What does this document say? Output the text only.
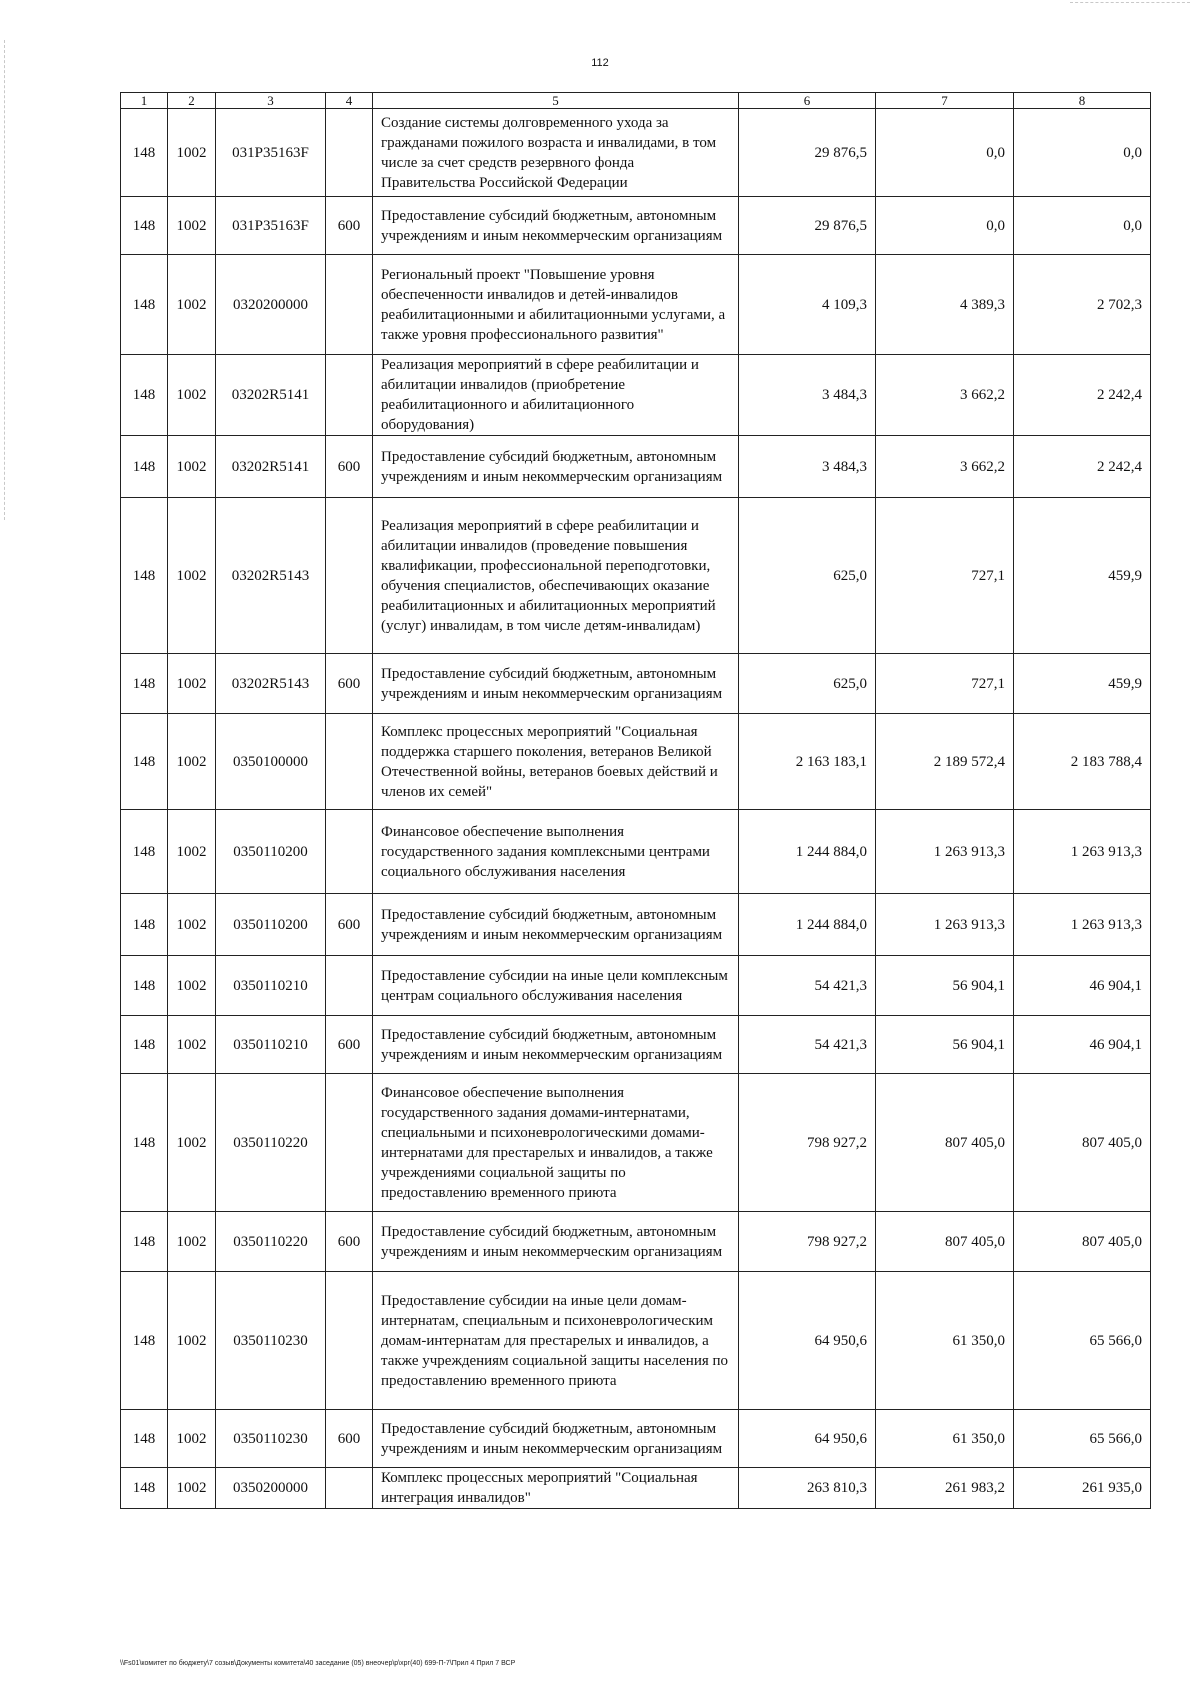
112
1	2	3	4	5	6	7	8
148	1002	031P35163F		Создание системы долговременного ухода за гражданами пожилого возраста и инвалидами, в том числе за счет средств резервного фонда Правительства Российской Федерации	29 876,5	0,0	0,0
148	1002	031P35163F	600	Предоставление субсидий бюджетным, автономным учреждениям и иным некоммерческим организациям	29 876,5	0,0	0,0
148	1002	0320200000		Региональный проект "Повышение уровня обеспеченности инвалидов и детей-инвалидов реабилитационными и абилитационными услугами, а также уровня профессионального развития"	4 109,3	4 389,3	2 702,3
148	1002	03202R5141		Реализация мероприятий в сфере реабилитации и абилитации инвалидов (приобретение реабилитационного и абилитационного оборудования)	3 484,3	3 662,2	2 242,4
148	1002	03202R5141	600	Предоставление субсидий бюджетным, автономным учреждениям и иным некоммерческим организациям	3 484,3	3 662,2	2 242,4
148	1002	03202R5143		Реализация мероприятий в сфере реабилитации и абилитации инвалидов (проведение повышения квалификации, профессиональной переподготовки, обучения специалистов, обеспечивающих оказание реабилитационных и абилитационных мероприятий (услуг) инвалидам, в том числе детям-инвалидам)	625,0	727,1	459,9
148	1002	03202R5143	600	Предоставление субсидий бюджетным, автономным учреждениям и иным некоммерческим организациям	625,0	727,1	459,9
148	1002	0350100000		Комплекс процессных мероприятий "Социальная поддержка старшего поколения, ветеранов Великой Отечественной войны, ветеранов боевых действий и членов их семей"	2 163 183,1	2 189 572,4	2 183 788,4
148	1002	0350110200		Финансовое обеспечение выполнения государственного задания комплексными центрами социального обслуживания населения	1 244 884,0	1 263 913,3	1 263 913,3
148	1002	0350110200	600	Предоставление субсидий бюджетным, автономным учреждениям и иным некоммерческим организациям	1 244 884,0	1 263 913,3	1 263 913,3
148	1002	0350110210		Предоставление субсидии на иные цели комплексным центрам социального обслуживания населения	54 421,3	56 904,1	46 904,1
148	1002	0350110210	600	Предоставление субсидий бюджетным, автономным учреждениям и иным некоммерческим организациям	54 421,3	56 904,1	46 904,1
148	1002	0350110220		Финансовое обеспечение выполнения государственного задания домами-интернатами, специальными и психоневрологическими домами-интернатами для престарелых и инвалидов, а также учреждениями социальной защиты по предоставлению временного приюта	798 927,2	807 405,0	807 405,0
148	1002	0350110220	600	Предоставление субсидий бюджетным, автономным учреждениям и иным некоммерческим организациям	798 927,2	807 405,0	807 405,0
148	1002	0350110230		Предоставление субсидии на иные цели домам-интернатам, специальным и психоневрологическим домам-интернатам для престарелых и инвалидов, а также учреждениям социальной защиты населения по предоставлению временного приюта	64 950,6	61 350,0	65 566,0
148	1002	0350110230	600	Предоставление субсидий бюджетным, автономным учреждениям и иным некоммерческим организациям	64 950,6	61 350,0	65 566,0
148	1002	0350200000		Комплекс процессных мероприятий "Социальная интеграция инвалидов"	263 810,3	261 983,2	261 935,0
\\Fs01\комитет по бюджету\7 созыв\Документы комитета\40 заседание (05) внеочер\р\хрг(40) 699-П-7\Прил 4 Прил 7 ВСР
